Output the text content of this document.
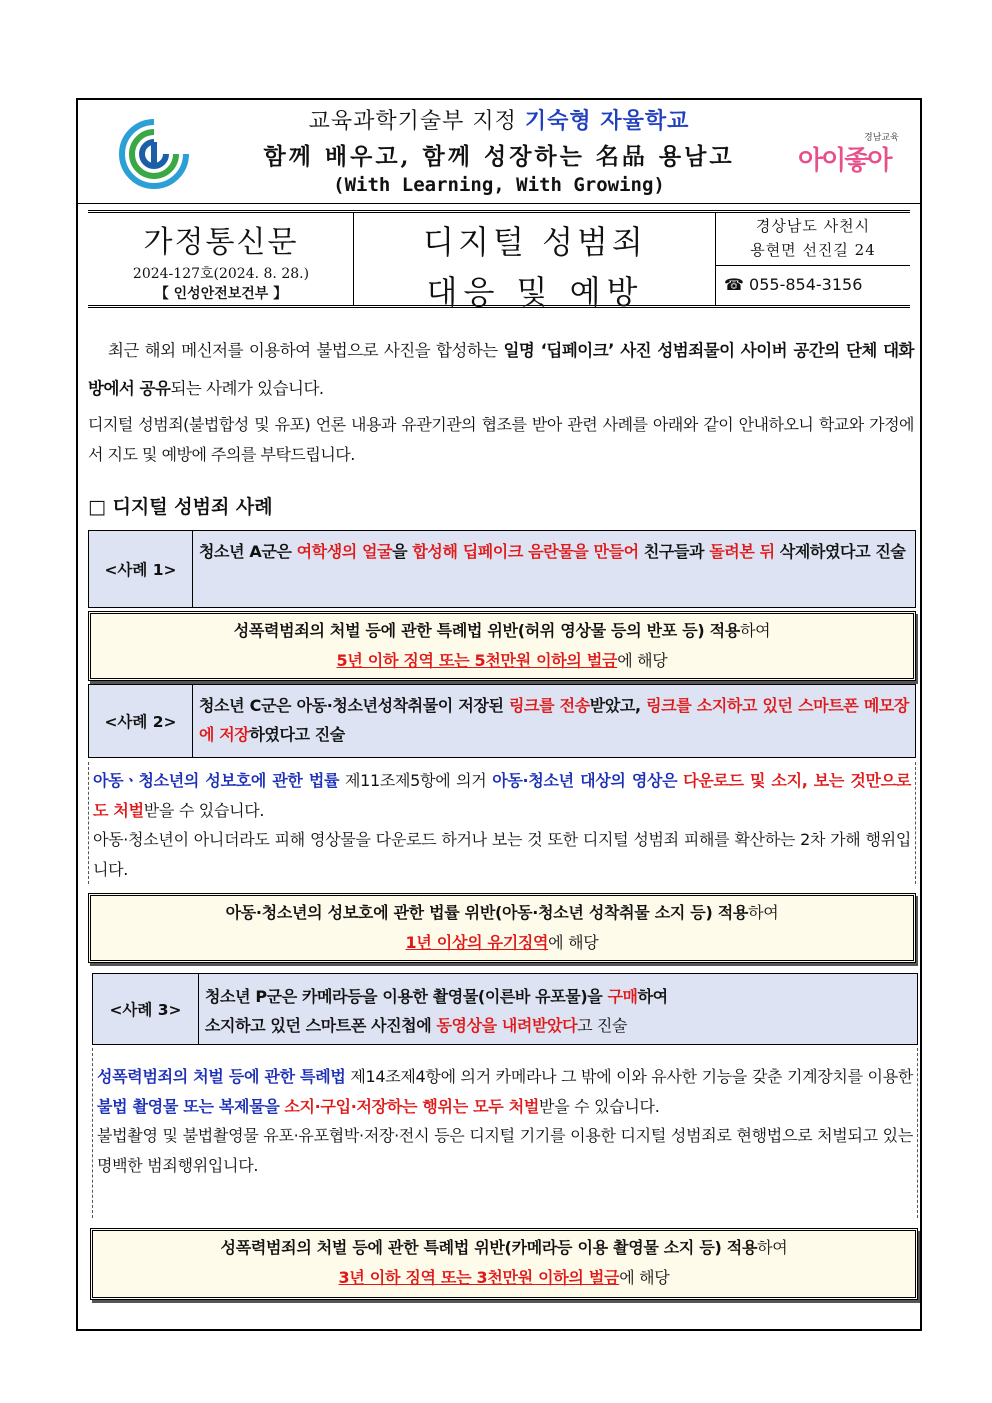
교육과학기술부 지정 기숙형 자율학교
함께 배우고, 함께 성장하는 名品 용남고
(With Learning, With Growing)
경남교육
아이좋아
가정통신문
2024-127호(2024. 8. 28.)
【 인성안전보건부 】
디지털 성범죄
대응 및 예방
경상남도 사천시
용현면 선진길 24
☎ 055-854-3156

최근 해외 메신저를 이용하여 불법으로 사진을 합성하는 일명 ‘딥페이크’ 사진 성범죄물이 사이버 공간의 단체 대화방에서 공유되는 사례가 있습니다.

디지털 성범죄(불법합성 및 유포) 언론 내용과 유관기관의 협조를 받아 관련 사례를 아래와 같이 안내하오니 학교와 가정에서 지도 및 예방에 주의를 부탁드립니다.

□ 디지털 성범죄 사례
<사례 1>
청소년 A군은 여학생의 얼굴을 합성해 딥페이크 음란물을 만들어 친구들과 돌려본 뒤 삭제하였다고 진술
성폭력범죄의 처벌 등에 관한 특례법 위반(허위 영상물 등의 반포 등) 적용하여
5년 이하 징역 또는 5천만원 이하의 벌금에 해당
<사례 2>
청소년 C군은 아동·청소년성착취물이 저장된 링크를 전송받았고, 링크를 소지하고 있던 스마트폰 메모장에 저장하였다고 진술
아동ㆍ청소년의 성보호에 관한 법률 제11조제5항에 의거 아동·청소년 대상의 영상은 다운로드 및 소지, 보는 것만으로도 처벌받을 수 있습니다.
아동·청소년이 아니더라도 피해 영상물을 다운로드 하거나 보는 것 또한 디지털 성범죄 피해를 확산하는 2차 가해 행위입니다.
아동·청소년의 성보호에 관한 법률 위반(아동·청소년 성착취물 소지 등) 적용하여
1년 이상의 유기징역에 해당
<사례 3>
청소년 P군은 카메라등을 이용한 촬영물(이른바 유포물)을 구매하여
소지하고 있던 스마트폰 사진첩에 동영상을 내려받았다고 진술
성폭력범죄의 처벌 등에 관한 특례법 제14조제4항에 의거 카메라나 그 밖에 이와 유사한 기능을 갖춘 기계장치를 이용한 불법 촬영물 또는 복제물을 소지·구입·저장하는 행위는 모두 처벌받을 수 있습니다.
불법촬영 및 불법촬영물 유포·유포협박·저장·전시 등은 디지털 기기를 이용한 디지털 성범죄로 현행법으로 처벌되고 있는 명백한 범죄행위입니다.
성폭력범죄의 처벌 등에 관한 특례법 위반(카메라등 이용 촬영물 소지 등) 적용하여
3년 이하 징역 또는 3천만원 이하의 벌금에 해당
